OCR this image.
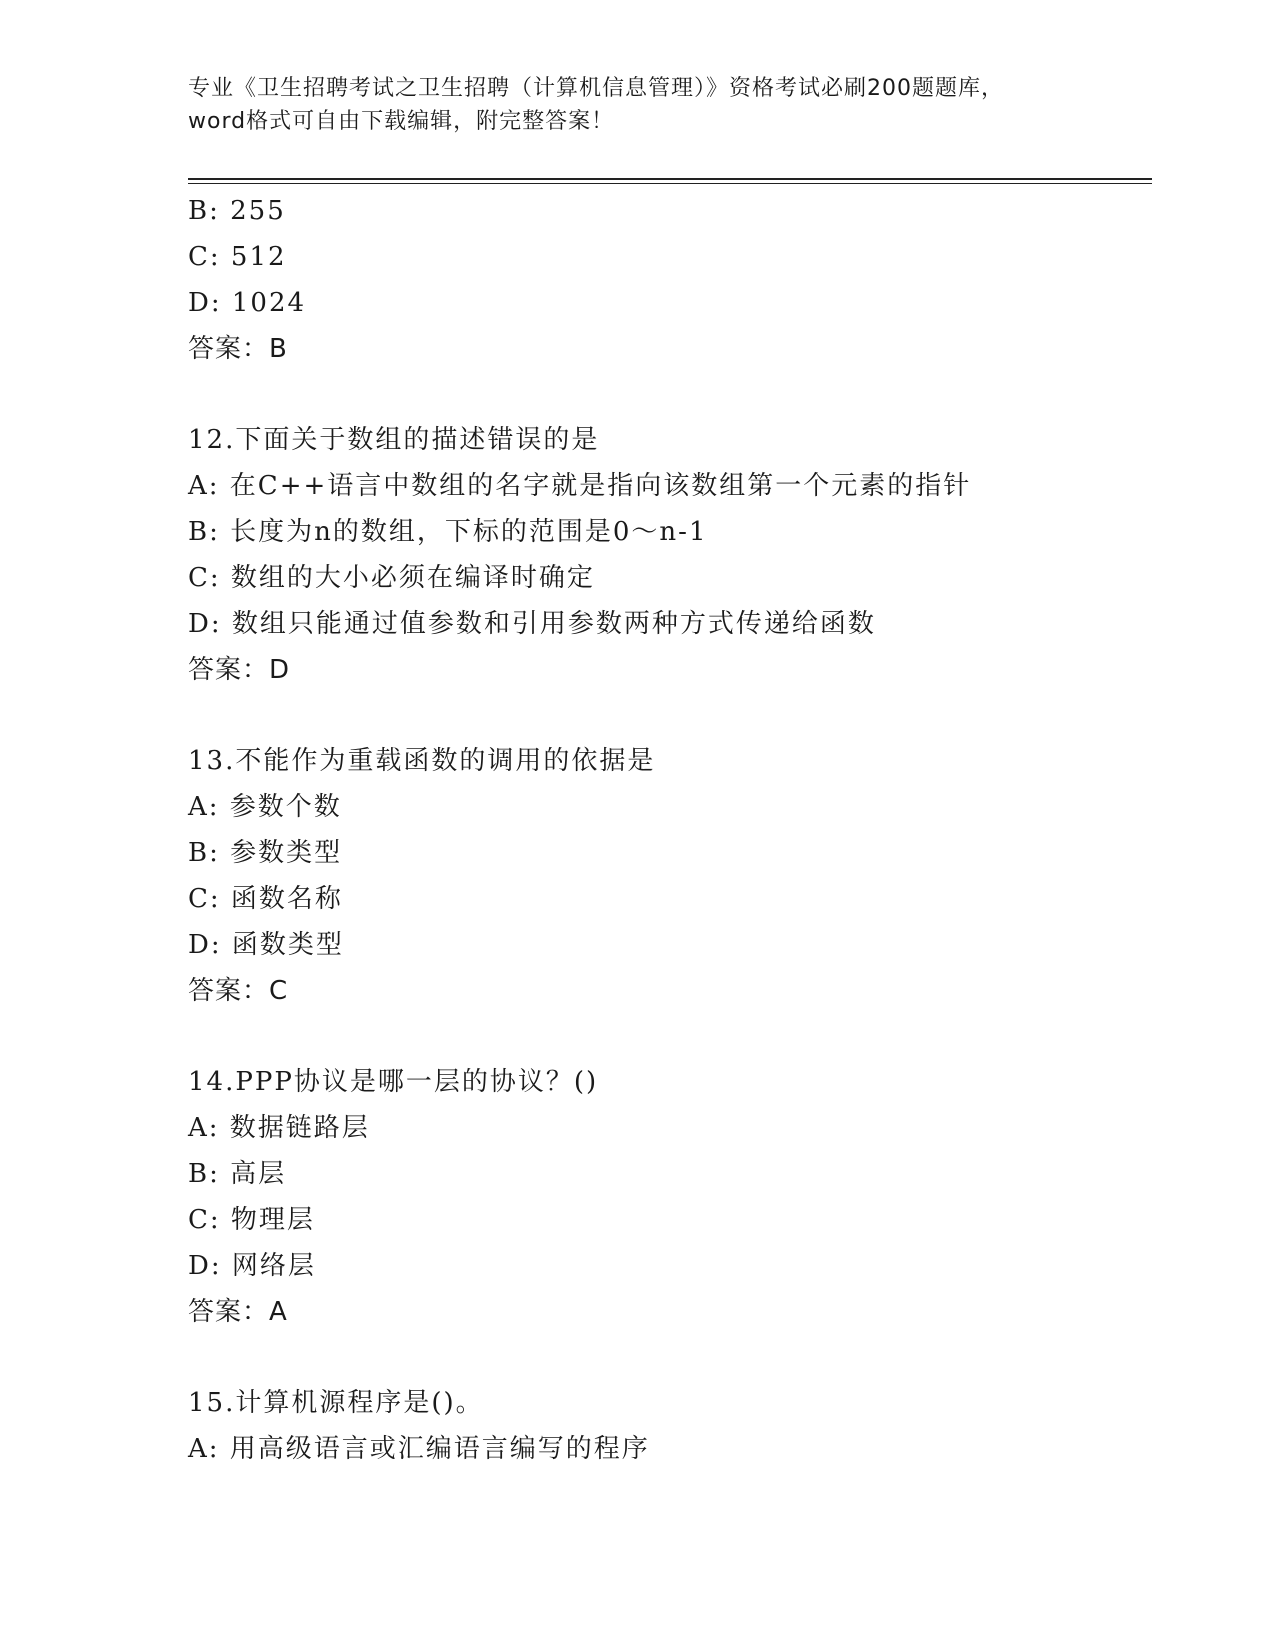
专业《卫生招聘考试之卫生招聘（计算机信息管理）》资格考试必刷200题题库，
word格式可自由下载编辑，附完整答案！
B: 255
C: 512
D: 1024
答案：B
12.下面关于数组的描述错误的是
A: 在C++语言中数组的名字就是指向该数组第一个元素的指针
B: 长度为n的数组，下标的范围是0～n-1
C: 数组的大小必须在编译时确定
D: 数组只能通过值参数和引用参数两种方式传递给函数
答案：D
13.不能作为重载函数的调用的依据是
A: 参数个数
B: 参数类型
C: 函数名称
D: 函数类型
答案：C
14.PPP协议是哪一层的协议？()
A: 数据链路层
B: 高层
C: 物理层
D: 网络层
答案：A
15.计算机源程序是()。
A: 用高级语言或汇编语言编写的程序
